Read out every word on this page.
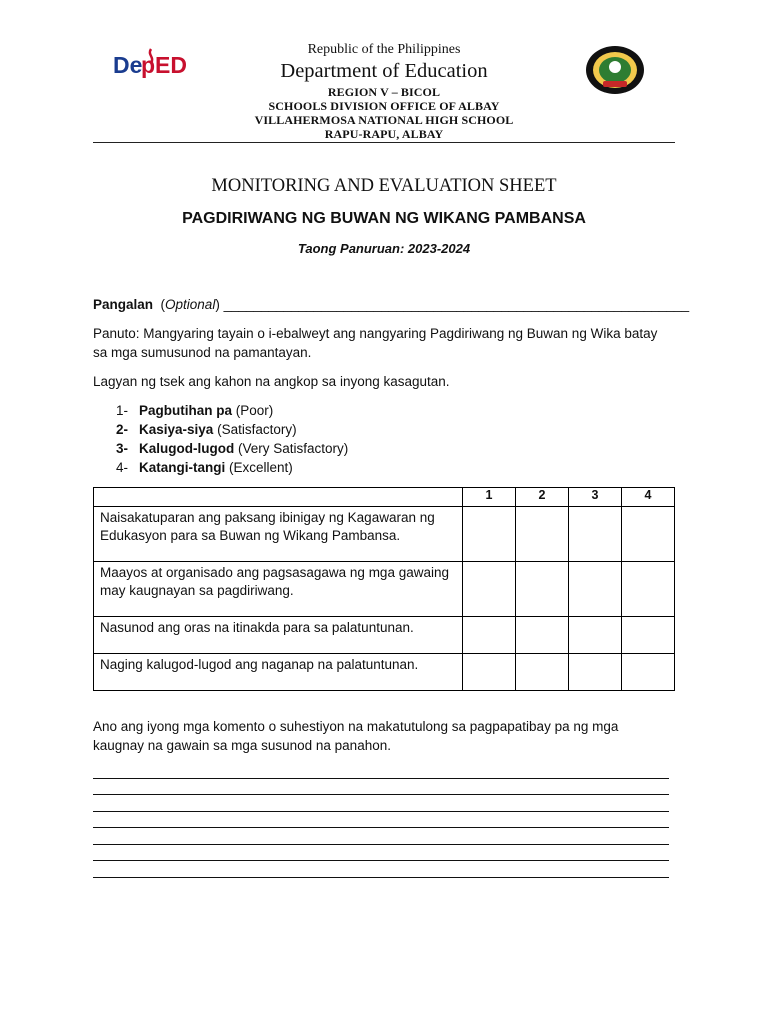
De
p ED
Republic of the Philippines
Department of Education
REGION V – BICOL
SCHOOLS DIVISION OFFICE OF ALBAY
VILLAHERMOSA NATIONAL HIGH SCHOOL
RAPU-RAPU, ALBAY
MONITORING AND EVALUATION SHEET
PAGDIRIWANG NG BUWAN NG WIKANG PAMBANSA
Taong Panuruan: 2023-2024
Pangalan  (Optional) ______________________________________________________________
Panuto: Mangyaring tayain o i-ebalweyt ang nangyaring Pagdiriwang ng Buwan ng Wika batay sa mga sumusunod na pamantayan.
Lagyan ng tsek ang kahon na angkop sa inyong kasagutan.
1- Pagbutihan pa (Poor)
2- Kasiya-siya (Satisfactory)
3- Kalugod-lugod (Very Satisfactory)
4- Katangi-tangi (Excellent)
	1	2	3	4
Naisakatuparan ang paksang ibinigay ng Kagawaran ng Edukasyon para sa Buwan ng Wikang Pambansa.				
Maayos at organisado ang pagsasagawa ng mga gawaing may kaugnayan sa pagdiriwang.				
Nasunod ang oras na itinakda para sa palatuntunan.				
Naging kalugod-lugod ang naganap na palatuntunan.				
Ano ang iyong mga komento o suhestiyon na makatutulong sa pagpapatibay pa ng mga kaugnay na gawain sa mga susunod na panahon.
